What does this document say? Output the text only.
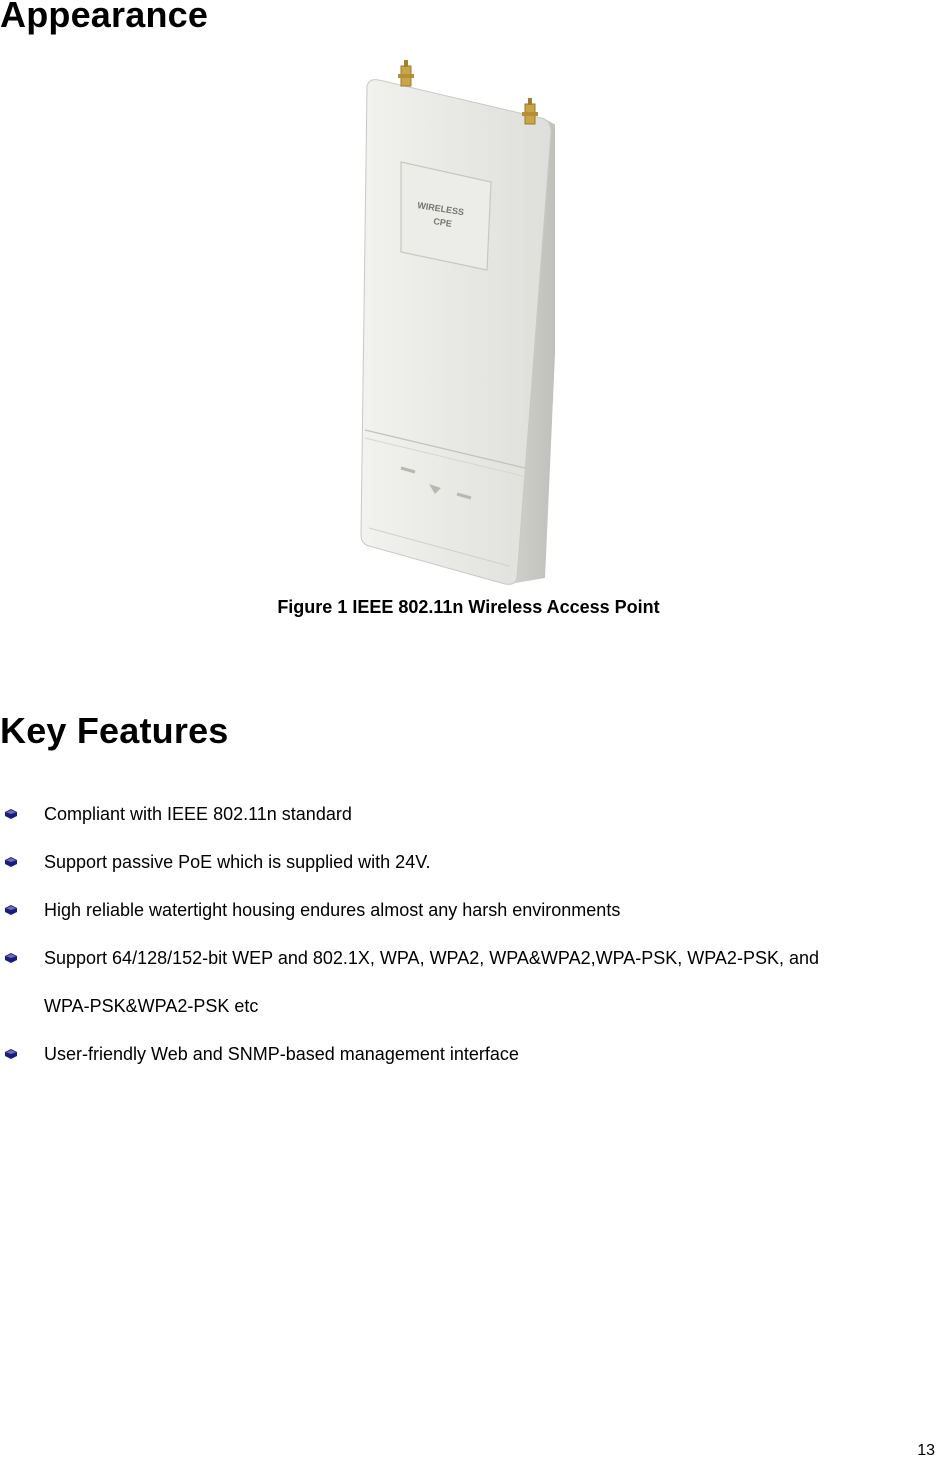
Appearance
WIRELESS
CPE
Figure 1 IEEE 802.11n Wireless Access Point
Key Features
Compliant with IEEE 802.11n standard
Support passive PoE which is supplied with 24V.
High reliable watertight housing endures almost any harsh environments
Support 64/128/152-bit WEP and 802.1X, WPA, WPA2, WPA&WPA2,WPA-PSK, WPA2-PSK, and
WPA-PSK&WPA2-PSK etc
User-friendly Web and SNMP-based management interface
13
